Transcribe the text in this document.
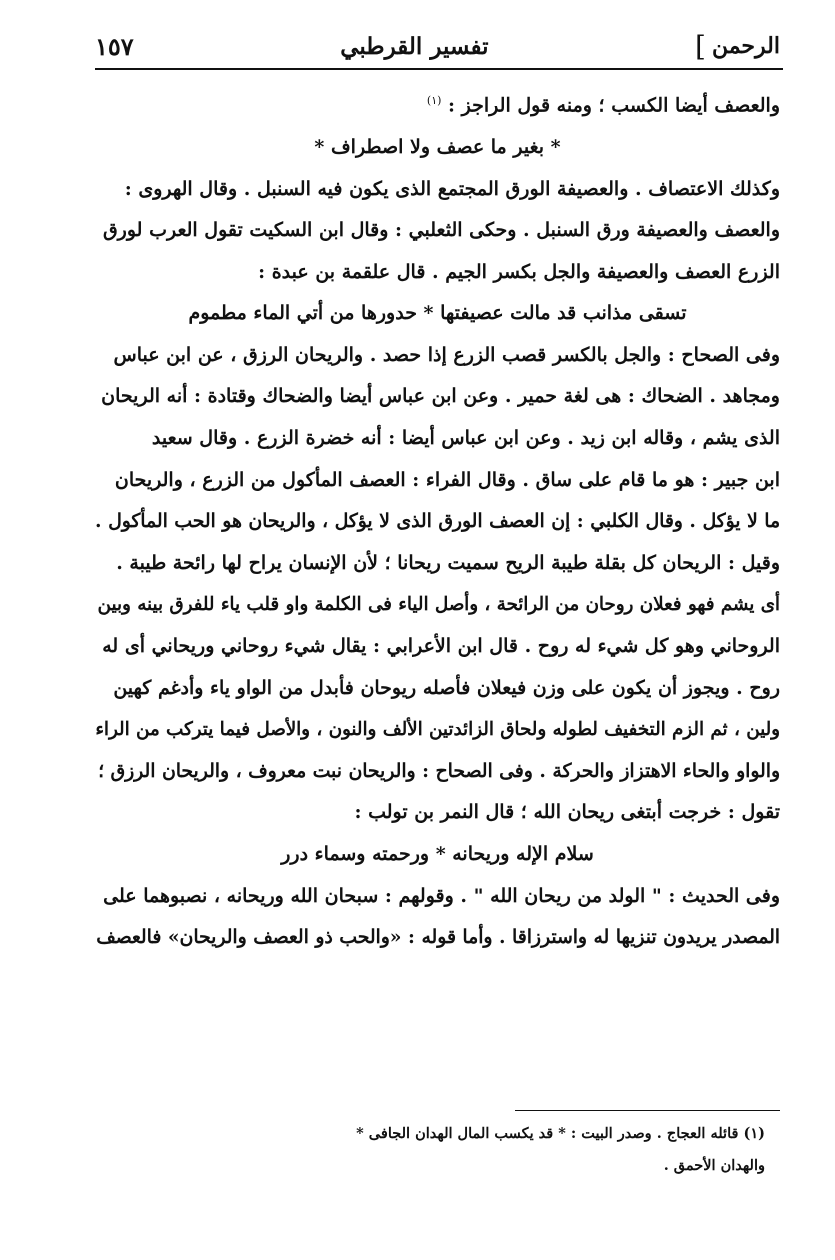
الرحمن
]
تفسير القرطبي
١٥٧

والعصف أيضا الكسب ؛ ومنه قول الراجز : $^{(١)}$

* بغير ما عصف ولا اصطراف *

وكذلك الاعتصاف . والعصيفة الورق المجتمع الذى يكون فيه السنبل . وقال الهروى :

والعصف والعصيفة ورق السنبل . وحكى الثعلبي : وقال ابن السكيت تقول العرب لورق

الزرع العصف والعصيفة والجل بكسر الجيم . قال علقمة بن عبدة :

تسقى مذانب قد مالت عصيفتها * حدورها من أتي الماء مطموم

وفى الصحاح : والجل بالكسر قصب الزرع إذا حصد . والريحان الرزق ، عن ابن عباس

ومجاهد . الضحاك : هى لغة حمير . وعن ابن عباس أيضا والضحاك وقتادة : أنه الريحان

الذى يشم ، وقاله ابن زيد . وعن ابن عباس أيضا : أنه خضرة الزرع . وقال سعيد

ابن جبير : هو ما قام على ساق . وقال الفراء : العصف المأكول من الزرع ، والريحان

ما لا يؤكل . وقال الكلبي : إن العصف الورق الذى لا يؤكل ، والريحان هو الحب المأكول .

وقيل : الريحان كل بقلة طيبة الريح سميت ريحانا ؛ لأن الإنسان يراح لها رائحة طيبة .

أى يشم فهو فعلان روحان من الرائحة ، وأصل الياء فى الكلمة واو قلب ياء للفرق بينه وبين

الروحاني وهو كل شيء له روح . قال ابن الأعرابي : يقال شيء روحاني وريحاني أى له

روح . ويجوز أن يكون على وزن فيعلان فأصله ريوحان فأبدل من الواو ياء وأدغم كهين

ولين ، ثم الزم التخفيف لطوله ولحاق الزائدتين الألف والنون ، والأصل فيما يتركب من الراء

والواو والحاء الاهتزاز والحركة . وفى الصحاح : والريحان نبت معروف ، والريحان الرزق ؛

تقول : خرجت أبتغى ريحان الله ؛ قال النمر بن تولب :

سلام الإله وريحانه * ورحمته وسماء درر

وفى الحديث : " الولد من ريحان الله " . وقولهم : سبحان الله وريحانه ، نصبوهما على

المصدر يريدون تنزيها له واسترزاقا . وأما قوله : «والحب ذو العصف والريحان» فالعصف

(١) قائله العجاج . وصدر البيت : * قد يكسب المال الهدان الجافى *

والهدان الأحمق .
